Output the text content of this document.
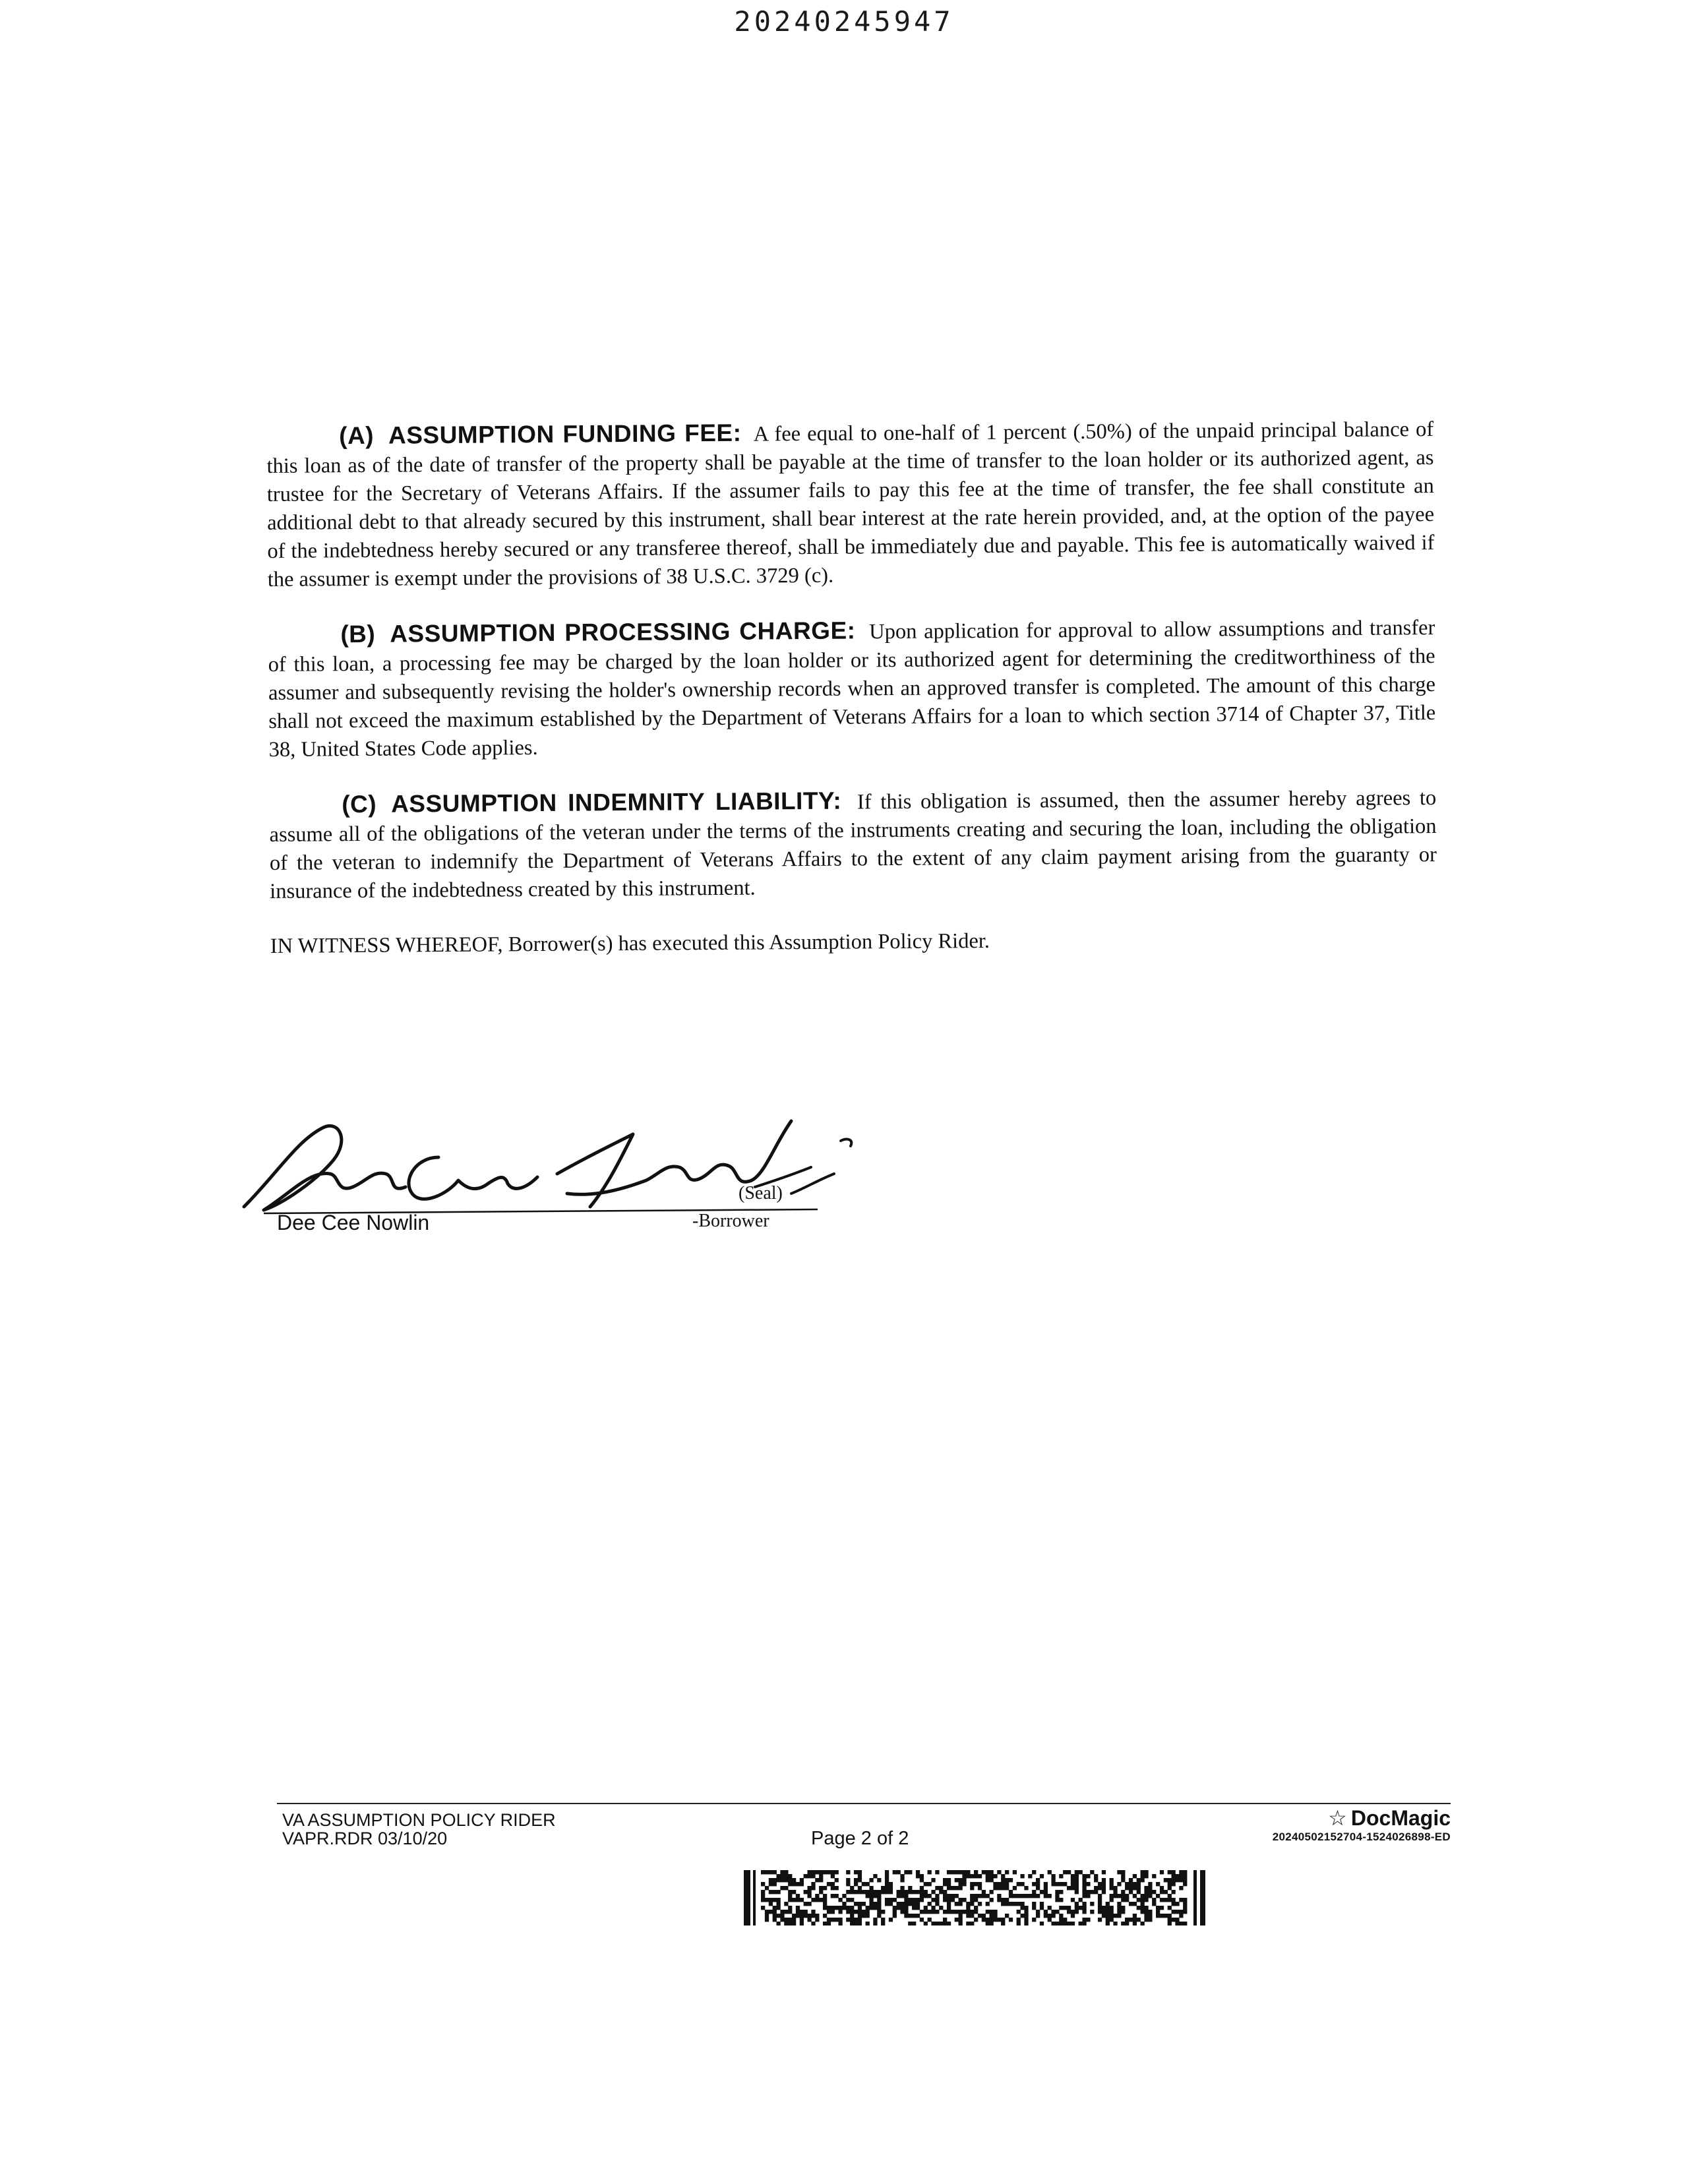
20240245947

(A) ASSUMPTION FUNDING FEE: A fee equal to one-half of 1 percent (.50%) of the unpaid principal balance of this loan as of the date of transfer of the property shall be payable at the time of transfer to the loan holder or its authorized agent, as trustee for the Secretary of Veterans Affairs. If the assumer fails to pay this fee at the time of transfer, the fee shall constitute an additional debt to that already secured by this instrument, shall bear interest at the rate herein provided, and, at the option of the payee of the indebtedness hereby secured or any transferee thereof, shall be immediately due and payable. This fee is automatically waived if the assumer is exempt under the provisions of 38 U.S.C. 3729 (c).

(B) ASSUMPTION PROCESSING CHARGE: Upon application for approval to allow assumptions and transfer of this loan, a processing fee may be charged by the loan holder or its authorized agent for determining the creditworthiness of the assumer and subsequently revising the holder's ownership records when an approved transfer is completed. The amount of this charge shall not exceed the maximum established by the Department of Veterans Affairs for a loan to which section 3714 of Chapter 37, Title 38, United States Code applies.

(C) ASSUMPTION INDEMNITY LIABILITY: If this obligation is assumed, then the assumer hereby agrees to assume all of the obligations of the veteran under the terms of the instruments creating and securing the loan, including the obligation of the veteran to indemnify the Department of Veterans Affairs to the extent of any claim payment arising from the guaranty or insurance of the indebtedness created by this instrument.

IN WITNESS WHEREOF, Borrower(s) has executed this Assumption Policy Rider.

(Seal)
Dee Cee Nowlin	-Borrower
VA ASSUMPTION POLICY RIDER
VAPR.RDR 03/10/20	Page 2 of 2
☆ DocMagic
20240502152704-1524026898-ED
